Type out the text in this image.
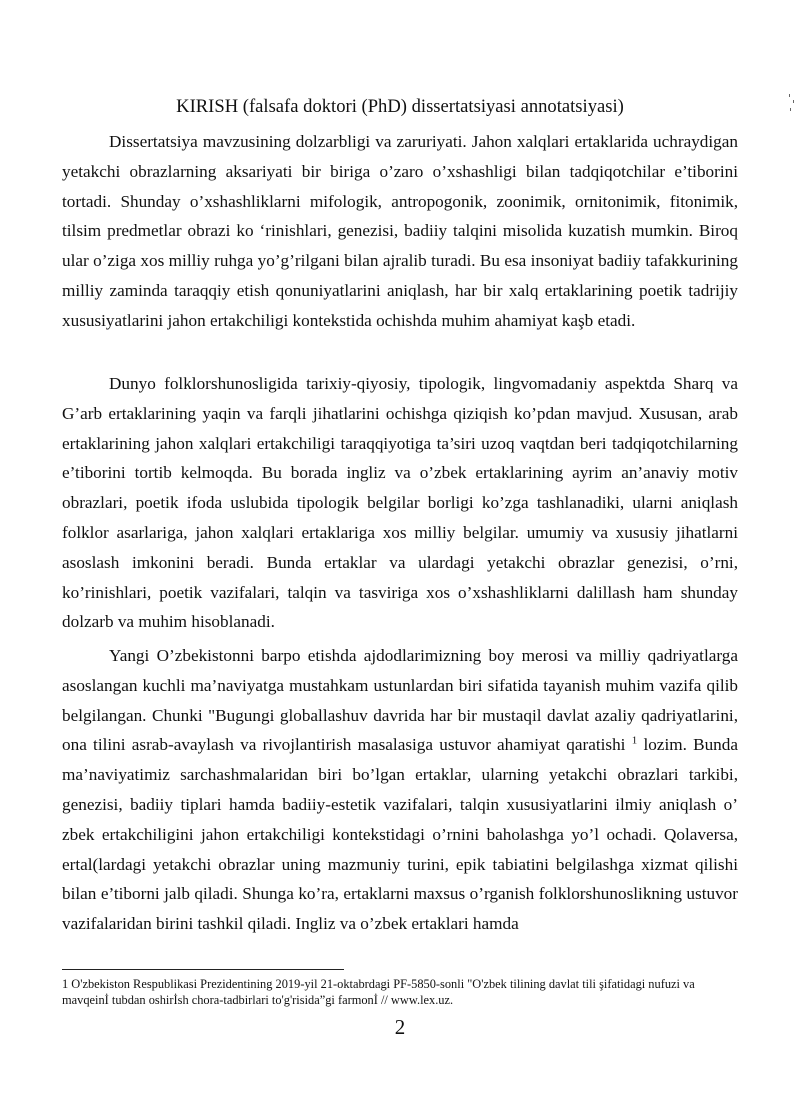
KIRISH (falsafa doktori (PhD) dissertatsiyasi annotatsiyasi)

Dissertatsiya mavzusining dolzarbligi va zaruriyati. Jahon xalqlari ertaklarida uchraydigan yetakchi obrazlarning aksariyati bir biriga o’zaro o’xshashligi bilan tadqiqotchilar e’tiborini tortadi. Shunday o’xshashliklarni mifologik, antropogonik, zoonimik, ornitonimik, fitonimik, tilsim predmetlar obrazi ko ‘rinishlari, genezisi, badiiy talqini misolida kuzatish mumkin. Biroq ular o’ziga xos milliy ruhga yo’g’rilgani bilan ajralib turadi. Bu esa insoniyat badiiy tafakkurining milliy zaminda taraqqiy etish qonuniyatlarini aniqlash, har bir xalq ertaklarining poetik tadrijiy xususiyatlarini jahon ertakchiligi kontekstida ochishda muhim ahamiyat kaşb etadi.

Dunyo folklorshunosligida tarixiy-qiyosiy, tipologik, lingvomadaniy aspektda Sharq va G’arb ertaklarining yaqin va farqli jihatlarini ochishga qiziqish ko’pdan mavjud. Xususan, arab ertaklarining jahon xalqlari ertakchiligi taraqqiyotiga ta’siri uzoq vaqtdan beri tadqiqotchilarning e’tiborini tortib kelmoqda. Bu borada ingliz va o’zbek ertaklarining ayrim an’anaviy motiv obrazlari, poetik ifoda uslubida tipologik belgilar borligi ko’zga tashlanadiki, ularni aniqlash folklor asarlariga, jahon xalqlari ertaklariga xos milliy belgilar. umumiy va xususiy jihatlarni asoslash imkonini beradi. Bunda ertaklar va ulardagi yetakchi obrazlar genezisi, o’rni, ko’rinishlari, poetik vazifalari, talqin va tasviriga xos o’xshashliklarni dalillash ham shunday dolzarb va muhim hisoblanadi.

Yangi O’zbekistonni barpo etishda ajdodlarimizning boy merosi va milliy qadriyatlarga asoslangan kuchli ma’naviyatga mustahkam ustunlardan biri sifatida tayanish muhim vazifa qilib belgilangan. Chunki "Bugungi globallashuv davrida har bir mustaqil davlat azaliy qadriyatlarini, ona tilini asrab-avaylash va rivojlantirish masalasiga ustuvor ahamiyat qaratishi $^1$ lozim. Bunda ma’naviyatimiz sarchashmalaridan biri bo’lgan ertaklar, ularning yetakchi obrazlari tarkibi, genezisi, badiiy tiplari hamda badiiy-estetik vazifalari, talqin xususiyatlarini ilmiy aniqlash o’ zbek ertakchiligini jahon ertakchiligi kontekstidagi o’rnini baholashga yo’l ochadi. Qolaversa, ertal(lardagi yetakchi obrazlar uning mazmuniy turini, epik tabiatini belgilashga xizmat qilishi bilan e’tiborni jalb qiladi. Shunga ko’ra, ertaklarni maxsus o’rganish folklorshunoslikning ustuvor vazifalaridan birini tashkil qiladi. Ingliz va o’zbek ertaklari hamda

1 O'zbekiston Respublikasi Prezidentining 2019-yil 21-oktabrdagi PF-5850-sonli "O'zbek tilining davlat tili şifatidagi nufuzi va mavqeinİ tubdan oshirİsh chora-tadbirlari to'g'risida”gi farmonİ // www.lex.uz.

2
